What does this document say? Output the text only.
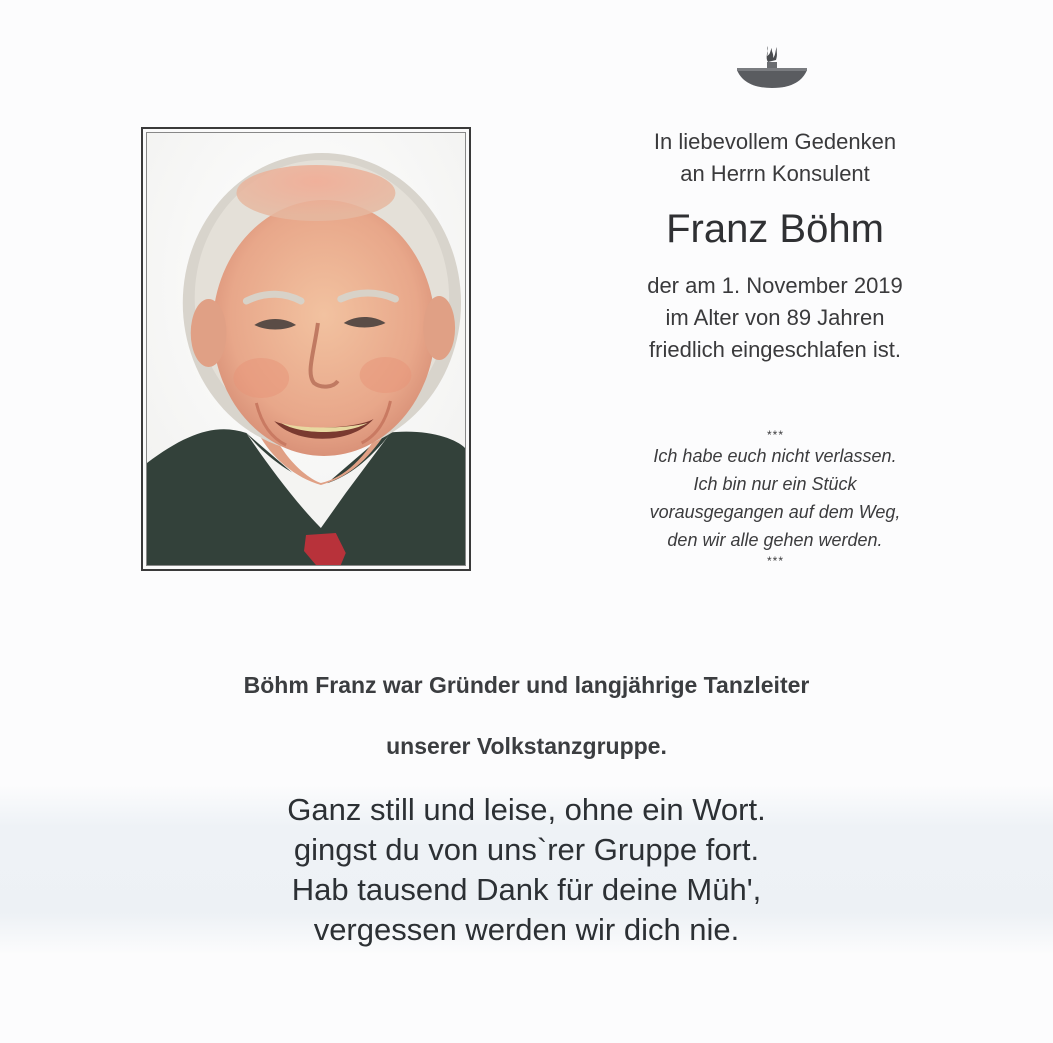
In liebevollem Gedenken
an Herrn Konsulent
Franz Böhm
der am 1. November 2019
im Alter von 89 Jahren
friedlich eingeschlafen ist.
***
Ich habe euch nicht verlassen.
Ich bin nur ein Stück
vorausgegangen auf dem Weg,
den wir alle gehen werden.
***
Böhm Franz war Gründer und langjährige Tanzleiter
unserer Volkstanzgruppe.
Ganz still und leise, ohne ein Wort.
gingst du von uns`rer Gruppe fort.
Hab tausend Dank für deine Müh',
vergessen werden wir dich nie.
